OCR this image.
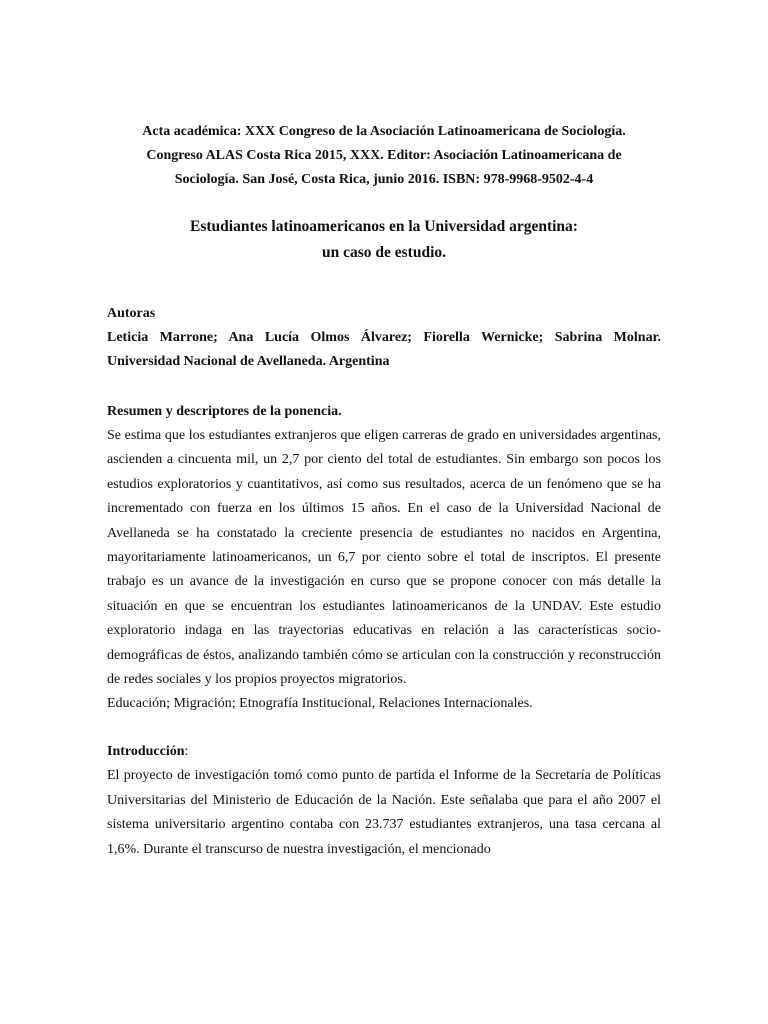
Acta académica: XXX Congreso de la Asociación Latinoamericana de Sociología.

Congreso ALAS Costa Rica 2015, XXX. Editor: Asociación Latinoamericana de

Sociología. San José, Costa Rica, junio 2016. ISBN: 978-9968-9502-4-4

Estudiantes latinoamericanos en la Universidad argentina:

un caso de estudio.

Autoras

Leticia Marrone; Ana Lucía Olmos Álvarez; Fiorella Wernicke; Sabrina Molnar.

Universidad Nacional de Avellaneda. Argentina

Resumen y descriptores de la ponencia.

Se estima que los estudiantes extranjeros que eligen carreras de grado en universidades argentinas, ascienden a cincuenta mil, un 2,7 por ciento del total de estudiantes. Sin embargo son pocos los estudios exploratorios y cuantitativos, así como sus resultados, acerca de un fenómeno que se ha incrementado con fuerza en los últimos 15 años. En el caso de la Universidad Nacional de Avellaneda se ha constatado la creciente presencia de estudiantes no nacidos en Argentina, mayoritariamente latinoamericanos, un 6,7 por ciento sobre el total de inscriptos. El presente trabajo es un avance de la investigación en curso que se propone conocer con más detalle la situación en que se encuentran los estudiantes latinoamericanos de la UNDAV. Este estudio exploratorio indaga en las trayectorias educativas en relación a las características socio- demográficas de éstos, analizando también cómo se articulan con la construcción y reconstrucción de redes sociales y los propios proyectos migratorios.

Educación; Migración; Etnografía Institucional, Relaciones Internacionales.

Introducción:

El proyecto de investigación tomó como punto de partida el Informe de la Secretaría de Políticas Universitarias del Ministerio de Educación de la Nación. Este señalaba que para el año 2007 el sistema universitario argentino contaba con 23.737 estudiantes extranjeros, una tasa cercana al 1,6%. Durante el transcurso de nuestra investigación, el mencionado
